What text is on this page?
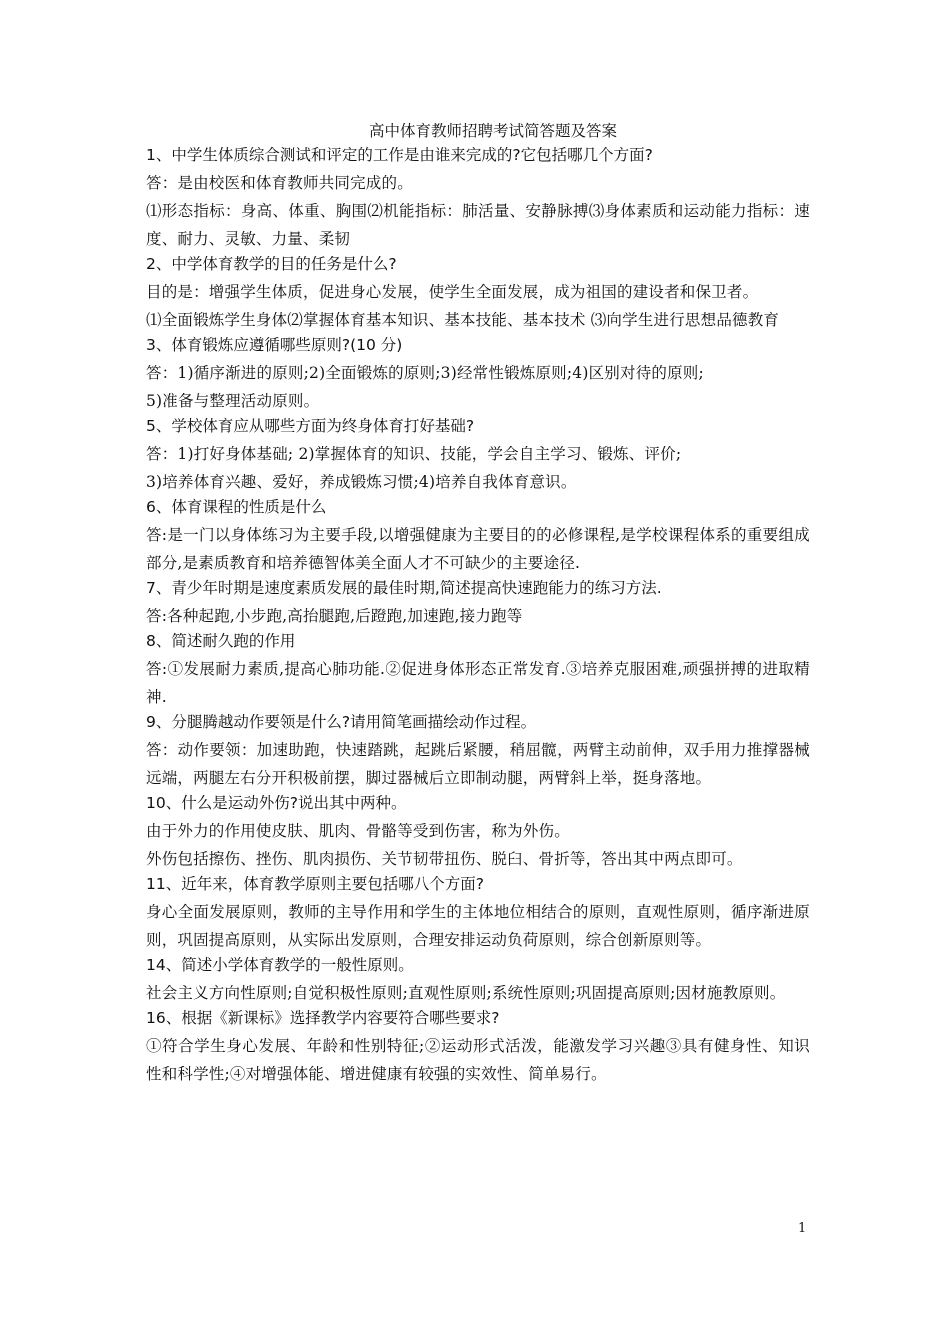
高中体育教师招聘考试简答题及答案
1、中学生体质综合测试和评定的工作是由谁来完成的?它包括哪几个方面?
答：是由校医和体育教师共同完成的。
⑴形态指标：身高、体重、胸围⑵机能指标：肺活量、安静脉搏⑶身体素质和运动能力指标：速度、耐力、灵敏、力量、柔韧
2、中学体育教学的目的任务是什么?
目的是：增强学生体质，促进身心发展，使学生全面发展，成为祖国的建设者和保卫者。
⑴全面锻炼学生身体⑵掌握体育基本知识、基本技能、基本技术 ⑶向学生进行思想品德教育
3、体育锻炼应遵循哪些原则?(10 分)
答：1)循序渐进的原则;2)全面锻炼的原则;3)经常性锻炼原则;4)区别对待的原则;
5)准备与整理活动原则。
5、学校体育应从哪些方面为终身体育打好基础?
答：1)打好身体基础; 2)掌握体育的知识、技能，学会自主学习、锻炼、评价;
3)培养体育兴趣、爱好，养成锻炼习惯;4)培养自我体育意识。
6、体育课程的性质是什么
答:是一门以身体练习为主要手段,以增强健康为主要目的的必修课程,是学校课程体系的重要组成部分,是素质教育和培养德智体美全面人才不可缺少的主要途径.
7、青少年时期是速度素质发展的最佳时期,简述提高快速跑能力的练习方法.
答:各种起跑,小步跑,高抬腿跑,后蹬跑,加速跑,接力跑等
8、简述耐久跑的作用
答:①发展耐力素质,提高心肺功能.②促进身体形态正常发育.③培养克服困难,顽强拼搏的进取精神.
9、分腿腾越动作要领是什么?请用简笔画描绘动作过程。
答：动作要领：加速助跑，快速踏跳，起跳后紧腰，稍屈髋，两臂主动前伸，双手用力推撑器械远端，两腿左右分开积极前摆，脚过器械后立即制动腿，两臂斜上举，挺身落地。
10、什么是运动外伤?说出其中两种。
由于外力的作用使皮肤、肌肉、骨骼等受到伤害，称为外伤。
外伤包括擦伤、挫伤、肌肉损伤、关节韧带扭伤、脱臼、骨折等，答出其中两点即可。
11、近年来，体育教学原则主要包括哪八个方面?
身心全面发展原则，教师的主导作用和学生的主体地位相结合的原则，直观性原则，循序渐进原则，巩固提高原则，从实际出发原则，合理安排运动负荷原则，综合创新原则等。
14、简述小学体育教学的一般性原则。
社会主义方向性原则;自觉积极性原则;直观性原则;系统性原则;巩固提高原则;因材施教原则。
16、根据《新课标》选择教学内容要符合哪些要求?
①符合学生身心发展、年龄和性别特征;②运动形式活泼，能激发学习兴趣③具有健身性、知识性和科学性;④对增强体能、增进健康有较强的实效性、简单易行。
1
